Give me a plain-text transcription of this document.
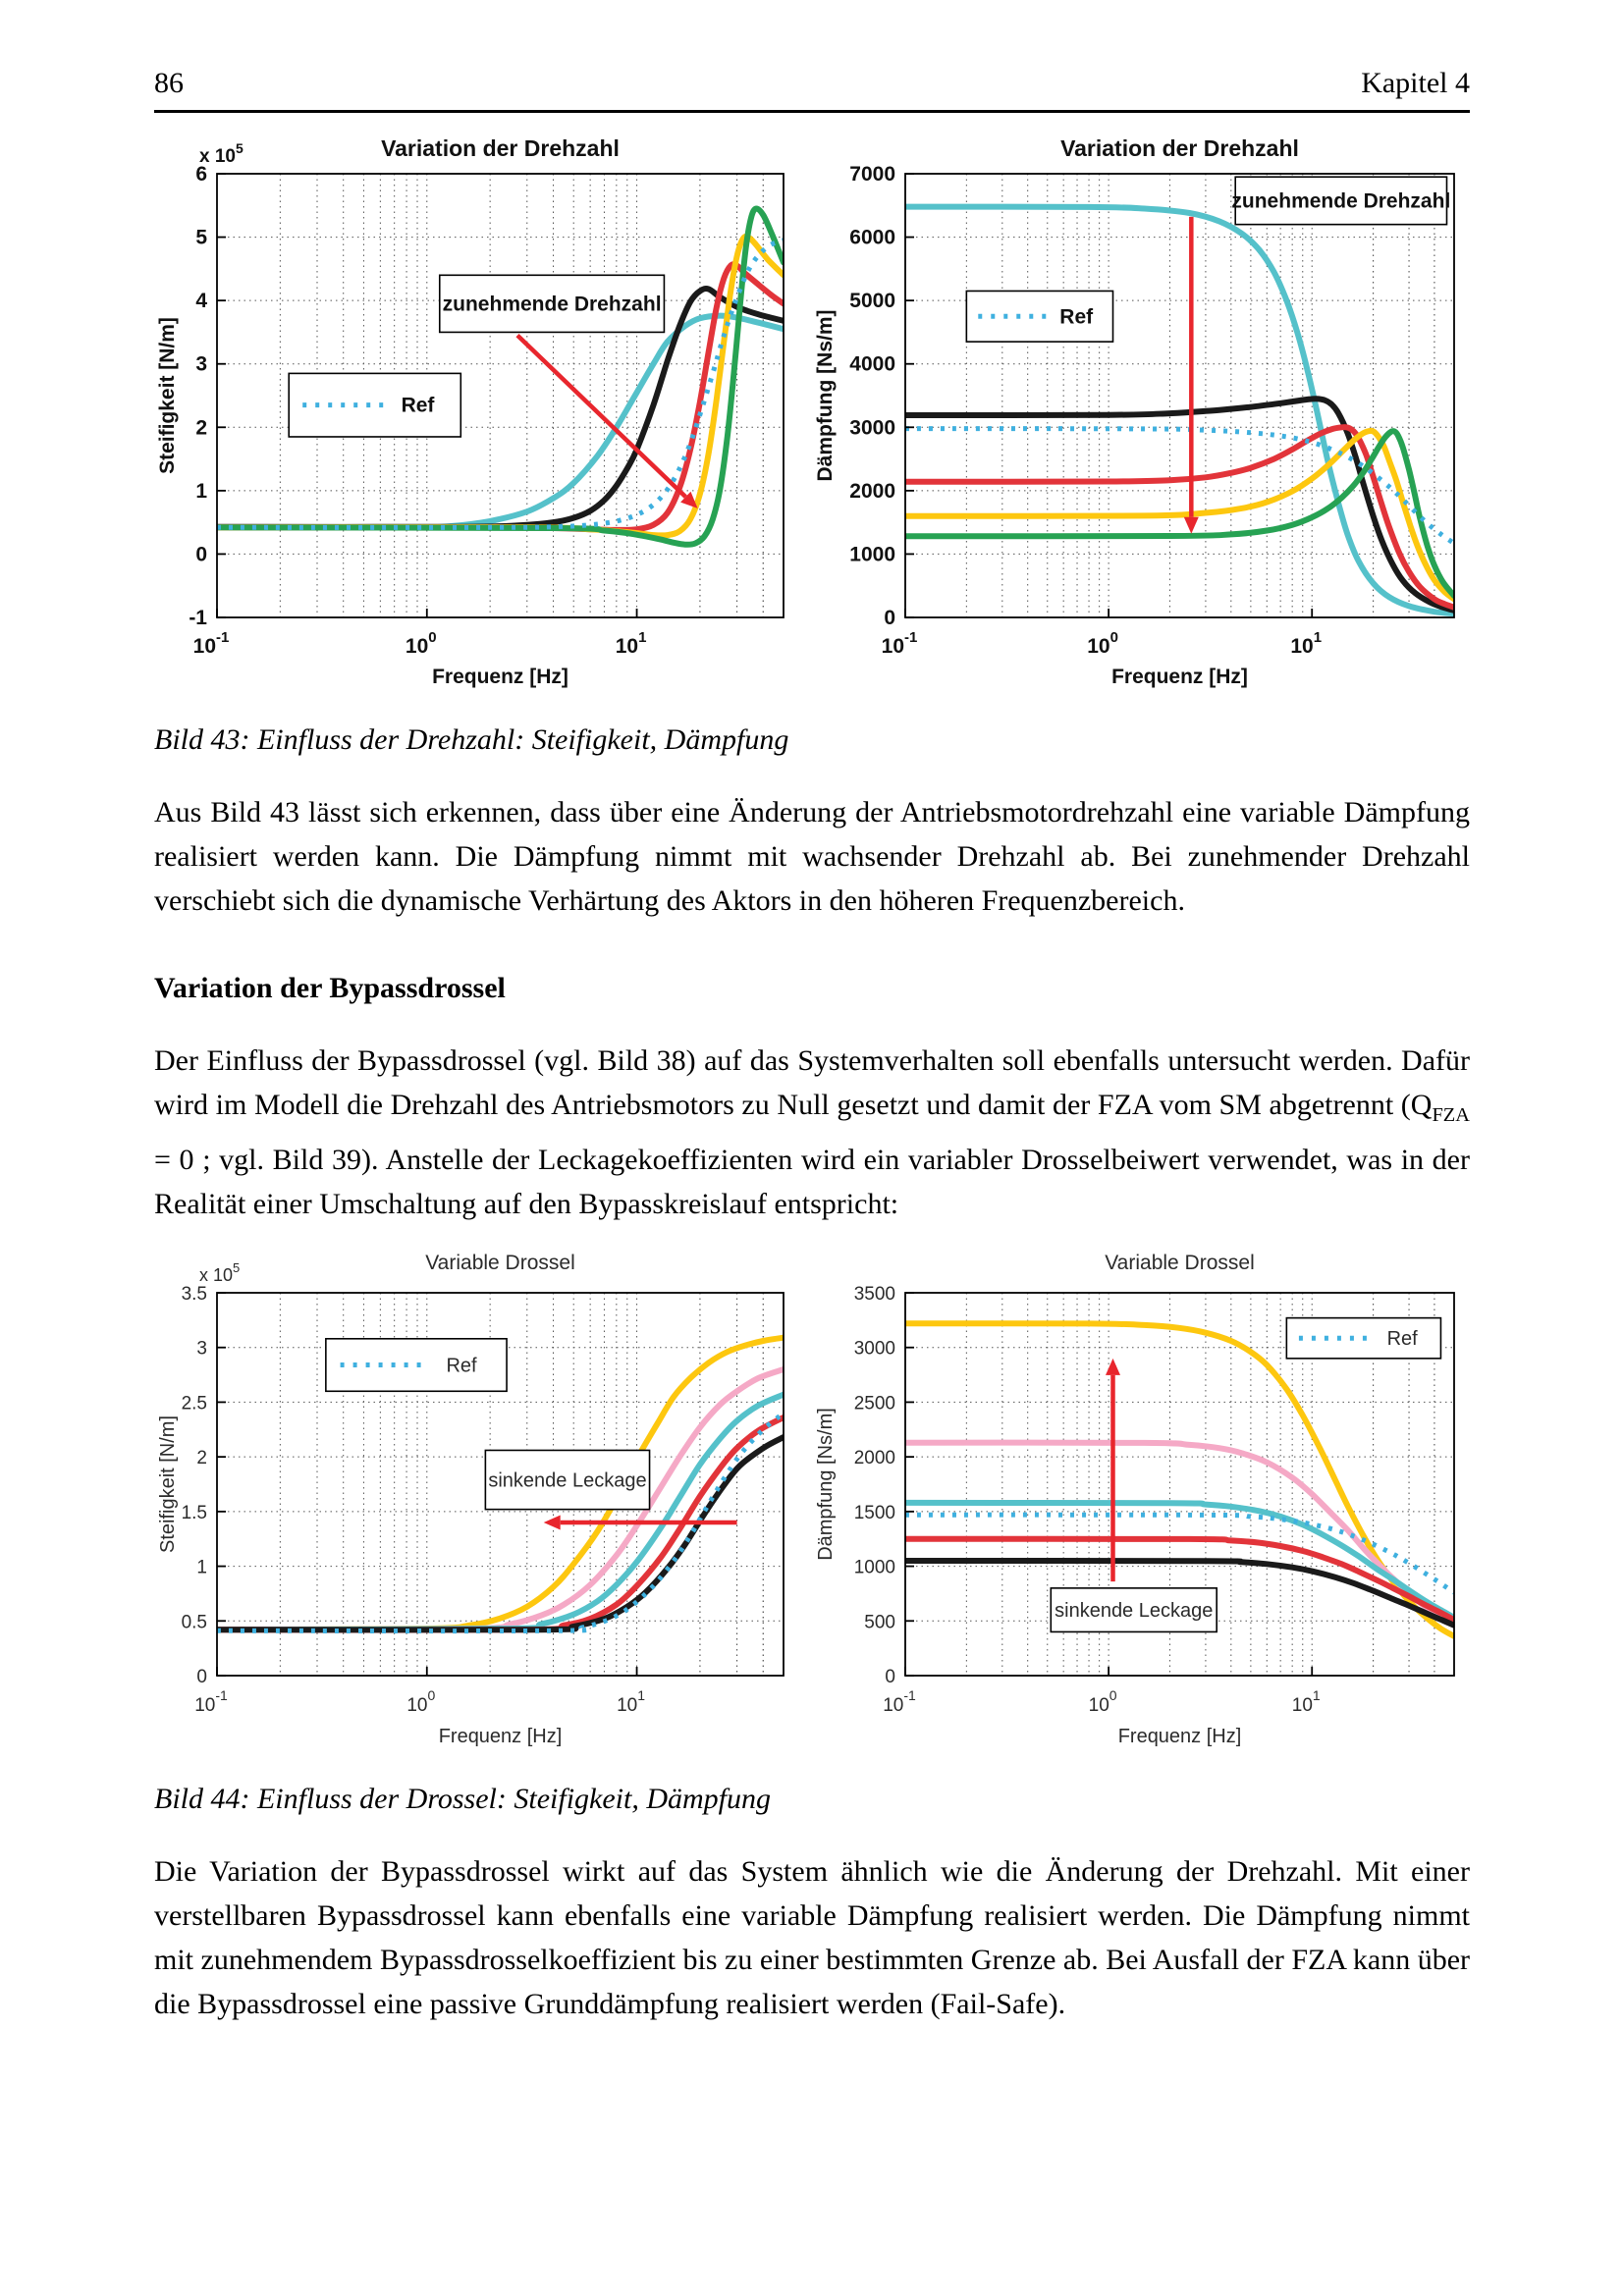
86	Kapitel 4
$10^{-1}$	$10^0$	$10^1$
-1
0
1
2
3
4
5
6
x $10^5$	Variation der Drehzahl
Frequenz [Hz]
Steifigkeit [N/m]	Ref
zunehmende Drehzahl
$10^{-1}$	$10^0$	$10^1$
0
1000
2000
3000
4000
5000
6000
7000
Variation der Drehzahl
Frequenz [Hz]
Dämpfung [Ns/m]	Ref
zunehmende Drehzahl

Bild 43: Einfluss der Drehzahl: Steifigkeit, Dämpfung

Aus Bild 43 lässt sich erkennen, dass über eine Änderung der Antriebsmotordrehzahl eine variable Dämpfung realisiert werden kann. Die Dämpfung nimmt mit wachsender Drehzahl ab. Bei zunehmender Drehzahl verschiebt sich die dynamische Verhärtung des Aktors in den höheren Frequenzbereich.

Variation der Bypassdrossel

Der Einfluss der Bypassdrossel (vgl. Bild 38) auf das Systemverhalten soll ebenfalls untersucht werden. Dafür wird im Modell die Drehzahl des Antriebsmotors zu Null gesetzt und damit der FZA vom SM abgetrennt ($Q_{FZA} = 0$ ; vgl. Bild 39). Anstelle der Leckagekoeffizienten wird ein variabler Drosselbeiwert verwendet, was in der Realität einer Umschaltung auf den Bypasskreislauf entspricht:

$10^{-1}$	$10^0$	$10^1$
0
0.5
1
1.5
2
2.5
3
3.5
x $10^5$	Variable Drossel
Frequenz [Hz]
Steifigkeit [N/m]
Ref
sinkende Leckage
$10^{-1}$	$10^0$	$10^1$
0
500
1000
1500
2000
2500
3000
3500
Variable Drossel
Frequenz [Hz]
Dämpfung [Ns/m]
Ref
sinkende Leckage

Bild 44: Einfluss der Drossel: Steifigkeit, Dämpfung

Die Variation der Bypassdrossel wirkt auf das System ähnlich wie die Änderung der Drehzahl. Mit einer verstellbaren Bypassdrossel kann ebenfalls eine variable Dämpfung realisiert werden. Die Dämpfung nimmt mit zunehmendem Bypassdrosselkoeffizient bis zu einer bestimmten Grenze ab. Bei Ausfall der FZA kann über die Bypassdrossel eine passive Grunddämpfung realisiert werden (Fail-Safe).
